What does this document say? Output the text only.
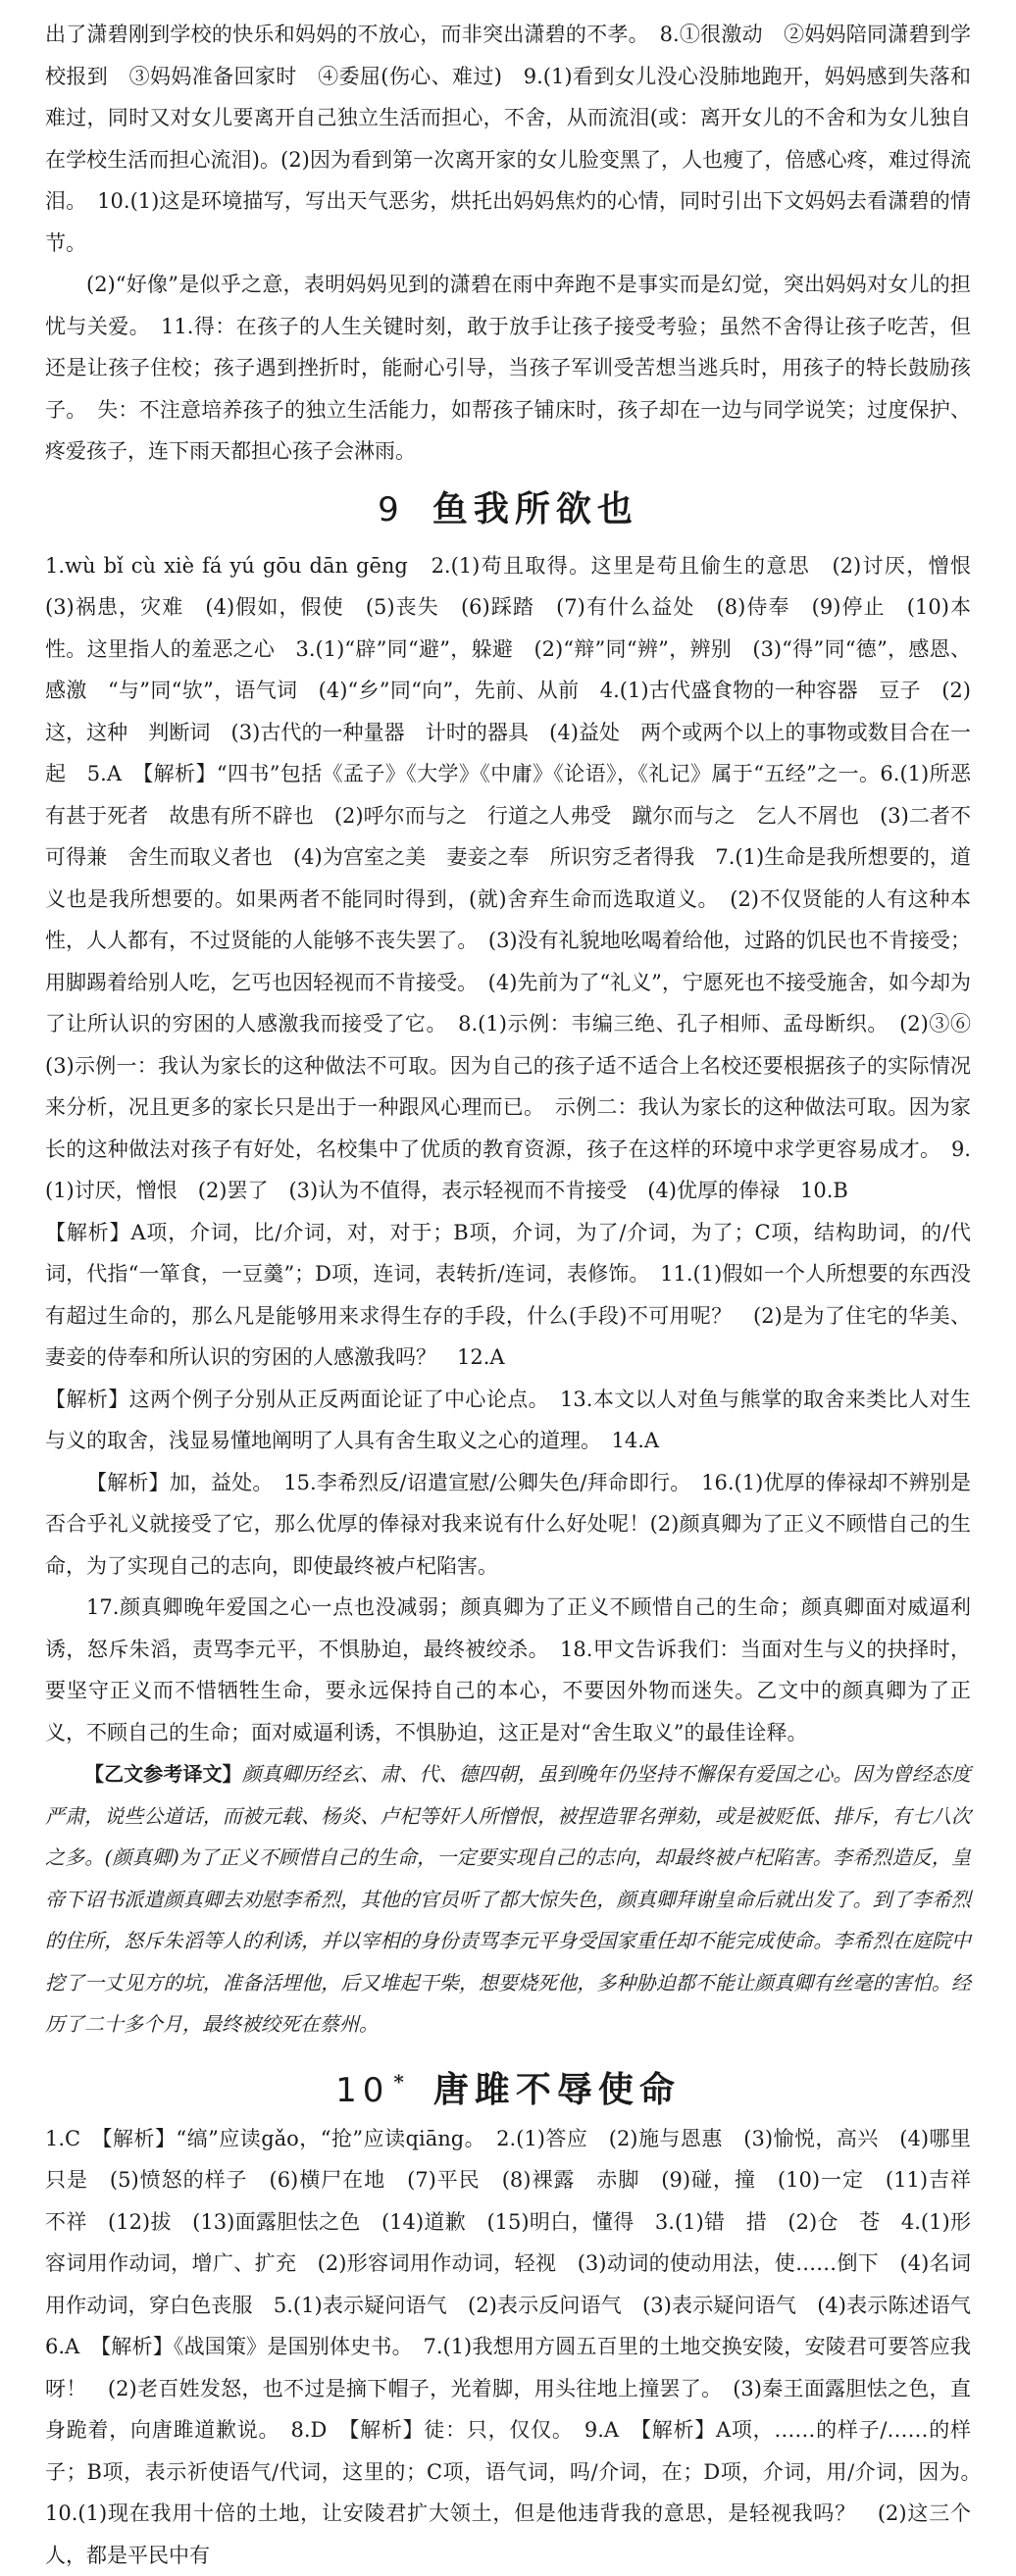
出了潇碧刚到学校的快乐和妈妈的不放心，而非突出潇碧的不孝。　8.①很激动　②妈妈陪同潇碧到学校报到　③妈妈准备回家时　④委屈(伤心、难过)　9.(1)看到女儿没心没肺地跑开，妈妈感到失落和难过，同时又对女儿要离开自己独立生活而担心，不舍，从而流泪(或：离开女儿的不舍和为女儿独自在学校生活而担心流泪)。(2)因为看到第一次离开家的女儿脸变黑了，人也瘦了，倍感心疼，难过得流泪。　10.(1)这是环境描写，写出天气恶劣，烘托出妈妈焦灼的心情，同时引出下文妈妈去看潇碧的情节。

(2)“好像”是似乎之意，表明妈妈见到的潇碧在雨中奔跑不是事实而是幻觉，突出妈妈对女儿的担忧与关爱。　11.得：在孩子的人生关键时刻，敢于放手让孩子接受考验；虽然不舍得让孩子吃苦，但还是让孩子住校；孩子遇到挫折时，能耐心引导，当孩子军训受苦想当逃兵时，用孩子的特长鼓励孩子。　失：不注意培养孩子的独立生活能力，如帮孩子铺床时，孩子却在一边与同学说笑；过度保护、疼爱孩子，连下雨天都担心孩子会淋雨。

9 鱼我所欲也

1.wù bǐ cù xiè fá yú gōu dān gēng　2.(1)苟且取得。这里是苟且偷生的意思　(2)讨厌，憎恨　(3)祸患，灾难　(4)假如，假使　(5)丧失　(6)踩踏　(7)有什么益处　(8)侍奉　(9)停止　(10)本性。这里指人的羞恶之心　3.(1)“辟”同“避”，躲避　(2)“辩”同“辨”，辨别　(3)“得”同“德”，感恩、感激　“与”同“欤”，语气词　(4)“乡”同“向”，先前、从前　4.(1)古代盛食物的一种容器　豆子　(2)这，这种　判断词　(3)古代的一种量器　计时的器具　(4)益处　两个或两个以上的事物或数目合在一起　5.A　【解析】“四书”包括《孟子》《大学》《中庸》《论语》，《礼记》属于“五经”之一。6.(1)所恶有甚于死者　故患有所不辟也　(2)呼尔而与之　行道之人弗受　蹴尔而与之　乞人不屑也　(3)二者不可得兼　舍生而取义者也　(4)为宫室之美　妻妾之奉　所识穷乏者得我　7.(1)生命是我所想要的，道义也是我所想要的。如果两者不能同时得到，(就)舍弃生命而选取道义。　(2)不仅贤能的人有这种本性，人人都有，不过贤能的人能够不丧失罢了。　(3)没有礼貌地吆喝着给他，过路的饥民也不肯接受；用脚踢着给别人吃，乞丐也因轻视而不肯接受。　(4)先前为了“礼义”，宁愿死也不接受施舍，如今却为了让所认识的穷困的人感激我而接受了它。　8.(1)示例：韦编三绝、孔子相师、孟母断织。　(2)③⑥　(3)示例一：我认为家长的这种做法不可取。因为自己的孩子适不适合上名校还要根据孩子的实际情况来分析，况且更多的家长只是出于一种跟风心理而已。　示例二：我认为家长的这种做法可取。因为家长的这种做法对孩子有好处，名校集中了优质的教育资源，孩子在这样的环境中求学更容易成才。　9.(1)讨厌，憎恨　(2)罢了　(3)认为不值得，表示轻视而不肯接受　(4)优厚的俸禄　10.B

【解析】A项，介词，比/介词，对，对于；B项，介词，为了/介词，为了；C项，结构助词，的/代词，代指“一箪食，一豆羹”；D项，连词，表转折/连词，表修饰。　11.(1)假如一个人所想要的东西没有超过生命的，那么凡是能够用来求得生存的手段，什么(手段)不可用呢？　(2)是为了住宅的华美、妻妾的侍奉和所认识的穷困的人感激我吗？　12.A

【解析】这两个例子分别从正反两面论证了中心论点。　13.本文以人对鱼与熊掌的取舍来类比人对生与义的取舍，浅显易懂地阐明了人具有舍生取义之心的道理。　14.A

【解析】加，益处。　15.李希烈反/诏遣宣慰/公卿失色/拜命即行。　16.(1)优厚的俸禄却不辨别是否合乎礼义就接受了它，那么优厚的俸禄对我来说有什么好处呢！(2)颜真卿为了正义不顾惜自己的生命，为了实现自己的志向，即使最终被卢杞陷害。

17.颜真卿晚年爱国之心一点也没减弱；颜真卿为了正义不顾惜自己的生命；颜真卿面对威逼利诱，怒斥朱滔，责骂李元平，不惧胁迫，最终被绞杀。　18.甲文告诉我们：当面对生与义的抉择时，要坚守正义而不惜牺牲生命，要永远保持自己的本心，不要因外物而迷失。乙文中的颜真卿为了正义，不顾自己的生命；面对威逼利诱，不惧胁迫，这正是对“舍生取义”的最佳诠释。

【乙文参考译文】颜真卿历经玄、肃、代、德四朝，虽到晚年仍坚持不懈保有爱国之心。因为曾经态度严肃，说些公道话，而被元载、杨炎、卢杞等奸人所憎恨，被捏造罪名弹劾，或是被贬低、排斥，有七八次之多。(颜真卿)为了正义不顾惜自己的生命，一定要实现自己的志向，却最终被卢杞陷害。李希烈造反，皇帝下诏书派遣颜真卿去劝慰李希烈，其他的官员听了都大惊失色，颜真卿拜谢皇命后就出发了。到了李希烈的住所，怒斥朱滔等人的利诱，并以宰相的身份责骂李元平身受国家重任却不能完成使命。李希烈在庭院中挖了一丈见方的坑，准备活埋他，后又堆起干柴，想要烧死他，多种胁迫都不能让颜真卿有丝毫的害怕。经历了二十多个月，最终被绞死在蔡州。

10 * 唐雎不辱使命

1.C　【解析】“缟”应读gǎo，“抢”应读qiāng。　2.(1)答应　(2)施与恩惠　(3)愉悦，高兴　(4)哪里只是　(5)愤怒的样子　(6)横尸在地　(7)平民　(8)裸露　赤脚　(9)碰，撞　(10)一定　(11)吉祥　不祥　(12)拔　(13)面露胆怯之色　(14)道歉　(15)明白，懂得　3.(1)错　措　(2)仓　苍　4.(1)形容词用作动词，增广、扩充　(2)形容词用作动词，轻视　(3)动词的使动用法，使……倒下　(4)名词用作动词，穿白色丧服　5.(1)表示疑问语气　(2)表示反问语气　(3)表示疑问语气　(4)表示陈述语气　6.A　【解析】《战国策》是国别体史书。　7.(1)我想用方圆五百里的土地交换安陵，安陵君可要答应我呀！　(2)老百姓发怒，也不过是摘下帽子，光着脚，用头往地上撞罢了。　(3)秦王面露胆怯之色，直身跪着，向唐雎道歉说。　8.D　【解析】徒：只，仅仅。　9.A　【解析】A项，……的样子/……的样子；B项，表示祈使语气/代词，这里的；C项，语气词，吗/介词，在；D项，介词，用/介词，因为。　10.(1)现在我用十倍的土地，让安陵君扩大领土，但是他违背我的意思，是轻视我吗？　(2)这三个人，都是平民中有
